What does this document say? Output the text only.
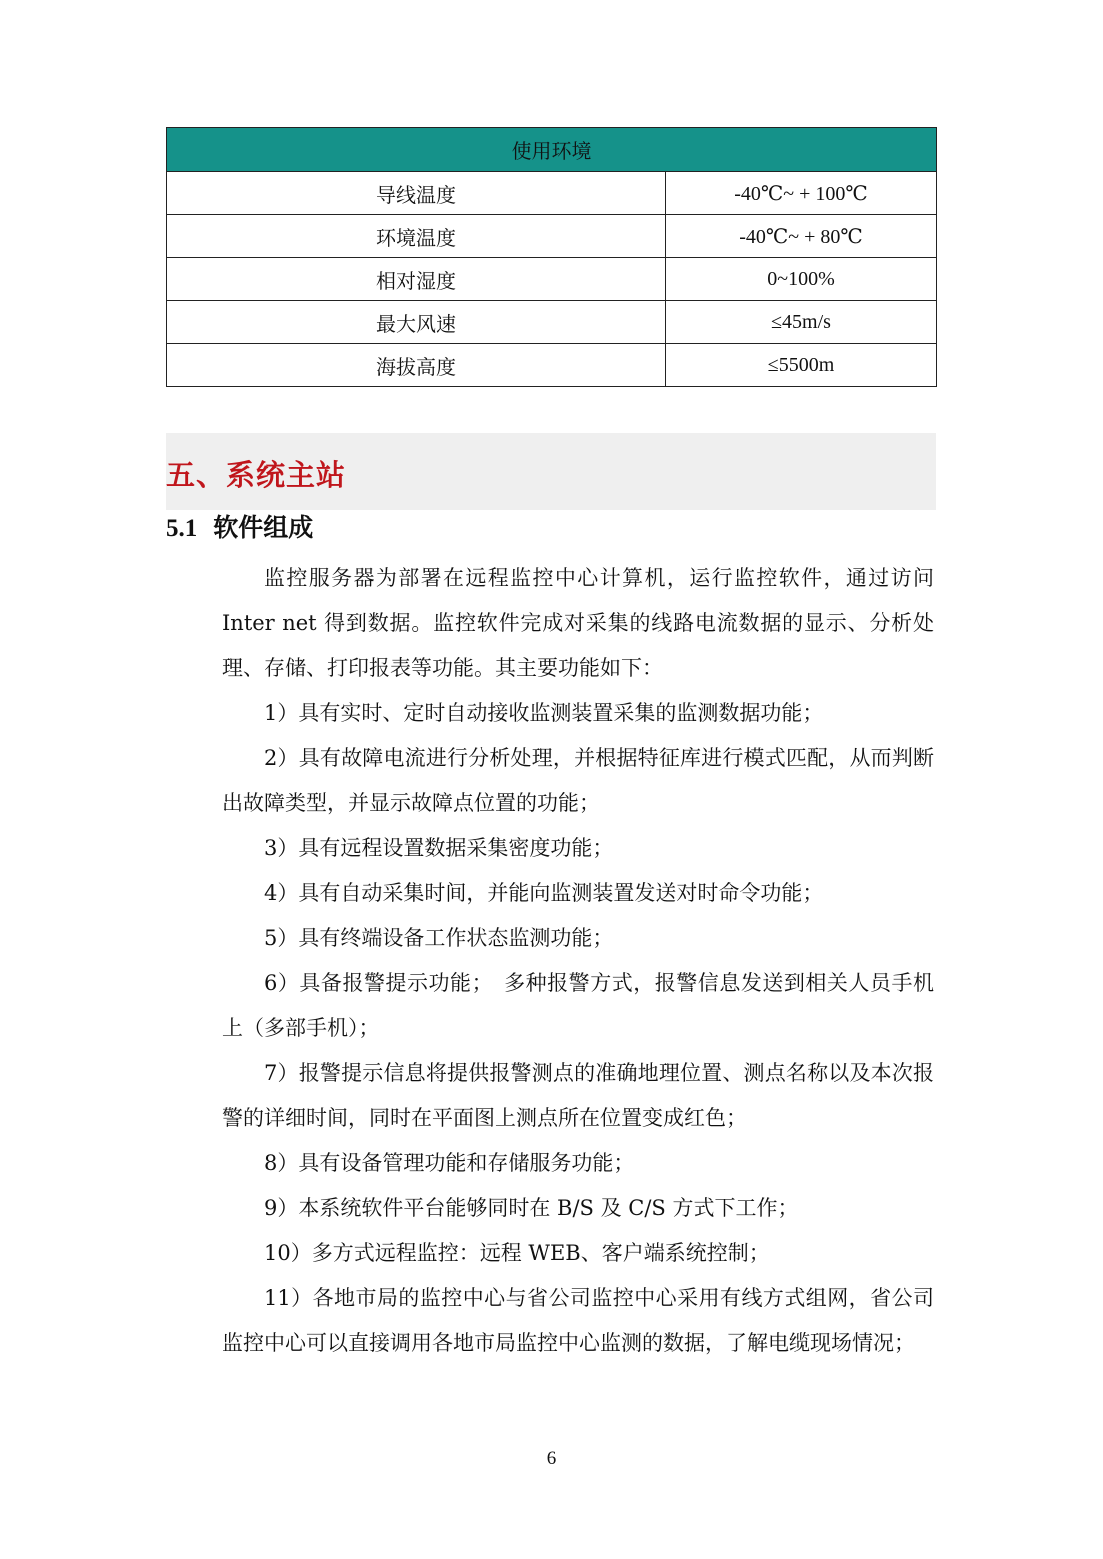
使用环境	
导线温度	-40℃~ + 100℃
环境温度	-40℃~ + 80℃
相对湿度	0~100%
最大风速	≤45m/s
海拔高度	≤5500m
五、系统主站
5.1 软件组成

监控服务器为部署在远程监控中心计算机，运行监控软件，通过访问 Inter net 得到数据。监控软件完成对采集的线路电流数据的显示、分析处理、存储、打印报表等功能。其主要功能如下：

1）具有实时、定时自动接收监测装置采集的监测数据功能；

2）具有故障电流进行分析处理，并根据特征库进行模式匹配，从而判断出故障类型，并显示故障点位置的功能；

3）具有远程设置数据采集密度功能；

4）具有自动采集时间，并能向监测装置发送对时命令功能；

5）具有终端设备工作状态监测功能；

6）具备报警提示功能；　多种报警方式，报警信息发送到相关人员手机上（多部手机）；

7）报警提示信息将提供报警测点的准确地理位置、测点名称以及本次报警的详细时间，同时在平面图上测点所在位置变成红色；

8）具有设备管理功能和存储服务功能；

9）本系统软件平台能够同时在 B/S 及 C/S 方式下工作；

10）多方式远程监控：远程 WEB、客户端系统控制；

11）各地市局的监控中心与省公司监控中心采用有线方式组网，省公司监控中心可以直接调用各地市局监控中心监测的数据，了解电缆现场情况；

6
